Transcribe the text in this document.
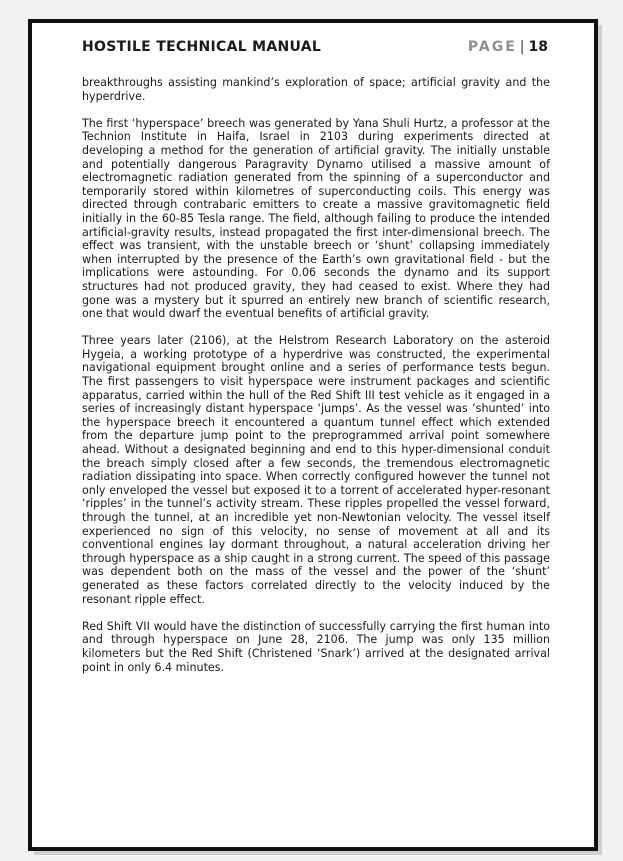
HOSTILE TECHNICAL MANUAL	PAGE | 18

breakthroughs assisting mankind’s exploration of space; artificial gravity and the hyperdrive.

The first ‘hyperspace’ breech was generated by Yana Shuli Hurtz, a professor at the Technion Institute in Haifa, Israel in 2103 during experiments directed at developing a method for the generation of artificial gravity. The initially unstable and potentially dangerous Paragravity Dynamo utilised a massive amount of electromagnetic radiation generated from the spinning of a superconductor and temporarily stored within kilometres of superconducting coils. This energy was directed through contrabaric emitters to create a massive gravitomagnetic field initially in the 60-85 Tesla range. The field, although failing to produce the intended artificial-gravity results, instead propagated the first inter-dimensional breech. The effect was transient, with the unstable breech or ‘shunt’ collapsing immediately when interrupted by the presence of the Earth’s own gravitational field - but the implications were astounding. For 0.06 seconds the dynamo and its support structures had not produced gravity, they had ceased to exist. Where they had gone was a mystery but it spurred an entirely new branch of scientific research, one that would dwarf the eventual benefits of artificial gravity.

Three years later (2106), at the Helstrom Research Laboratory on the asteroid Hygeia, a working prototype of a hyperdrive was constructed, the experimental navigational equipment brought online and a series of performance tests begun. The first passengers to visit hyperspace were instrument packages and scientific apparatus, carried within the hull of the Red Shift III test vehicle as it engaged in a series of increasingly distant hyperspace ‘jumps’. As the vessel was ‘shunted’ into the hyperspace breech it encountered a quantum tunnel effect which extended from the departure jump point to the preprogrammed arrival point somewhere ahead. Without a designated beginning and end to this hyper-dimensional conduit the breach simply closed after a few seconds, the tremendous electromagnetic radiation dissipating into space. When correctly configured however the tunnel not only enveloped the vessel but exposed it to a torrent of accelerated hyper-resonant ‘ripples’ in the tunnel’s activity stream. These ripples propelled the vessel forward, through the tunnel, at an incredible yet non-Newtonian velocity. The vessel itself experienced no sign of this velocity, no sense of movement at all and its conventional engines lay dormant throughout, a natural acceleration driving her through hyperspace as a ship caught in a strong current. The speed of this passage was dependent both on the mass of the vessel and the power of the ‘shunt’ generated as these factors correlated directly to the velocity induced by the resonant ripple effect.

Red Shift VII would have the distinction of successfully carrying the first human into and through hyperspace on June 28, 2106. The jump was only 135 million kilometers but the Red Shift (Christened ‘Snark’) arrived at the designated arrival point in only 6.4 minutes.
